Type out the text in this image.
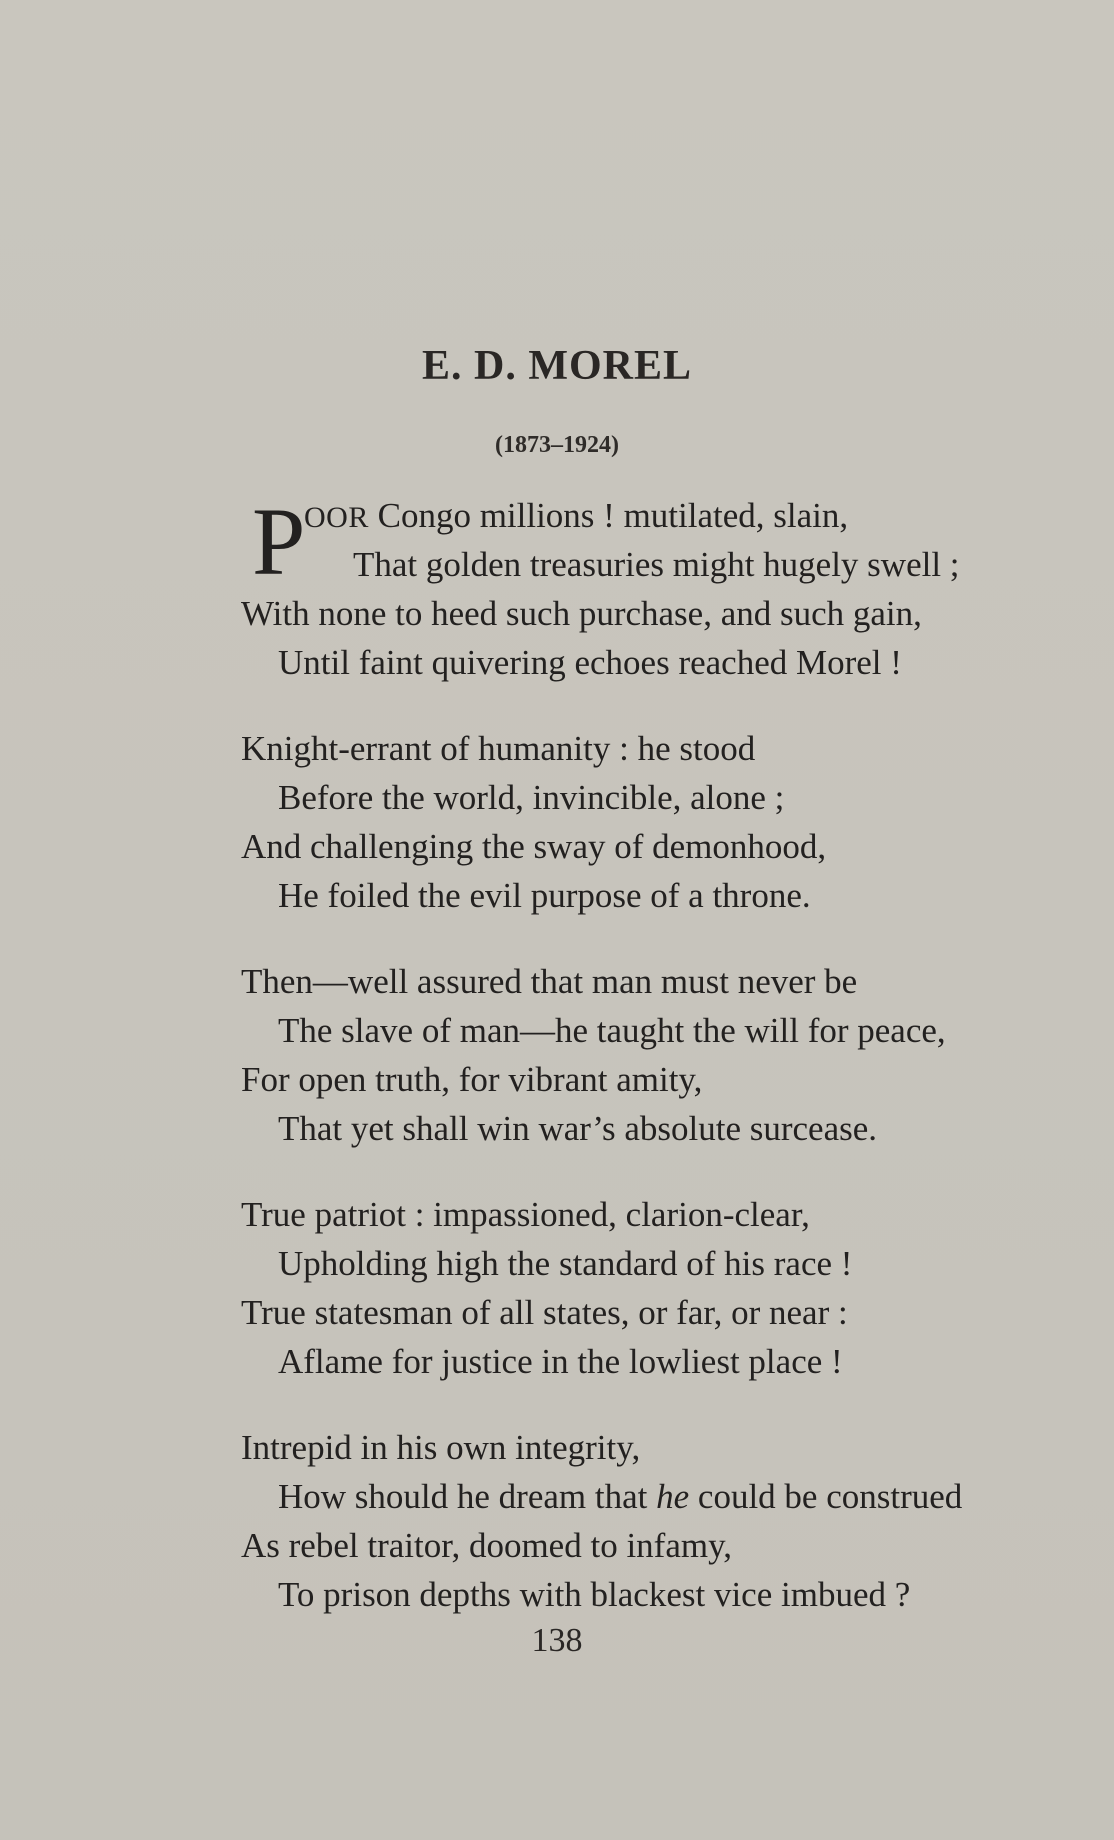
E. D. MOREL
(1873–1924)
P
OOR Congo millions ! mutilated, slain,
That golden treasuries might hugely swell ;
With none to heed such purchase, and such gain,
Until faint quivering echoes reached Morel !
Knight-errant of humanity : he stood
Before the world, invincible, alone ;
And challenging the sway of demonhood,
He foiled the evil purpose of a throne.
Then—well assured that man must never be
The slave of man—he taught the will for peace,
For open truth, for vibrant amity,
That yet shall win war’s absolute surcease.
True patriot : impassioned, clarion-clear,
Upholding high the standard of his race !
True statesman of all states, or far, or near :
Aflame for justice in the lowliest place !
Intrepid in his own integrity,
How should he dream that he could be construed
As rebel traitor, doomed to infamy,
To prison depths with blackest vice imbued ?
138
